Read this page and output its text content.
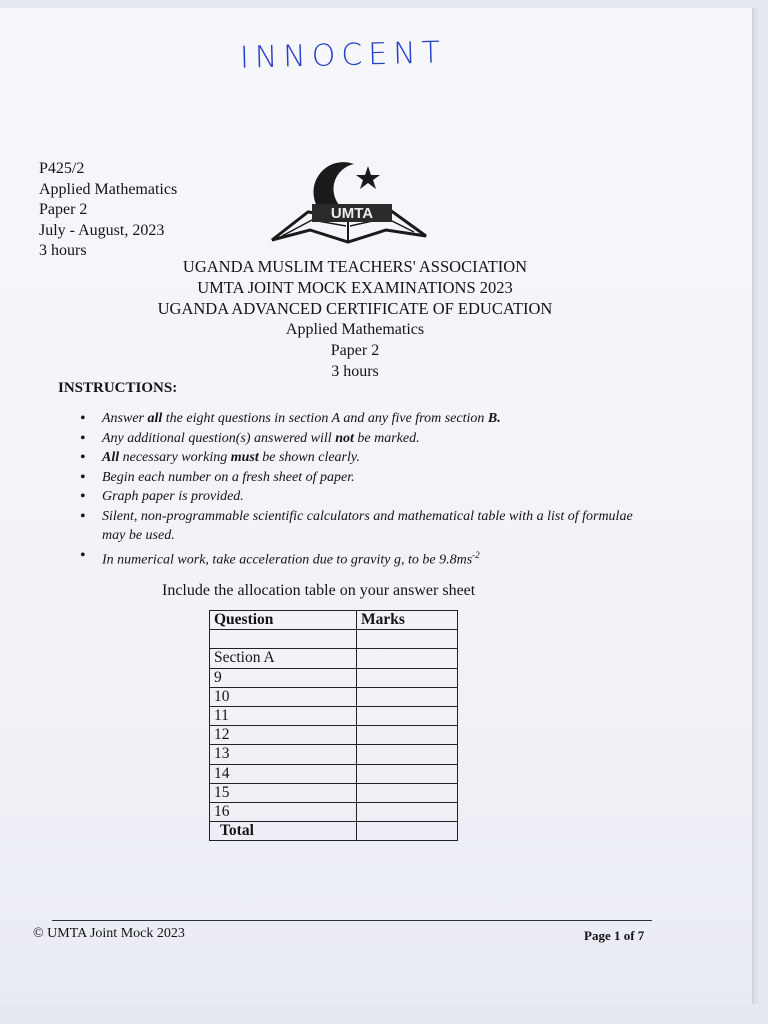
INNOCENT
P425/2
Applied Mathematics
Paper 2
July - August, 2023
3 hours
UMTA
UGANDA MUSLIM TEACHERS' ASSOCIATION
UMTA JOINT MOCK EXAMINATIONS 2023
UGANDA ADVANCED CERTIFICATE OF EDUCATION
Applied Mathematics
Paper 2
3 hours
INSTRUCTIONS:
• Answer all the eight questions in section A and any five from section B.
• Any additional question(s) answered will not be marked.
• All necessary working must be shown clearly.
• Begin each number on a fresh sheet of paper.
• Graph paper is provided.
• Silent, non-programmable scientific calculators and mathematical table with a list of formulae may be used.
• In numerical work, take acceleration due to gravity g, to be $9.8ms^{-2}$
Include the allocation table on your answer sheet
Question	Marks

Section A	
9	
10	
11	
12	
13	
14	
15	
16	
Total	
© UMTA Joint Mock 2023	Page 1 of 7
